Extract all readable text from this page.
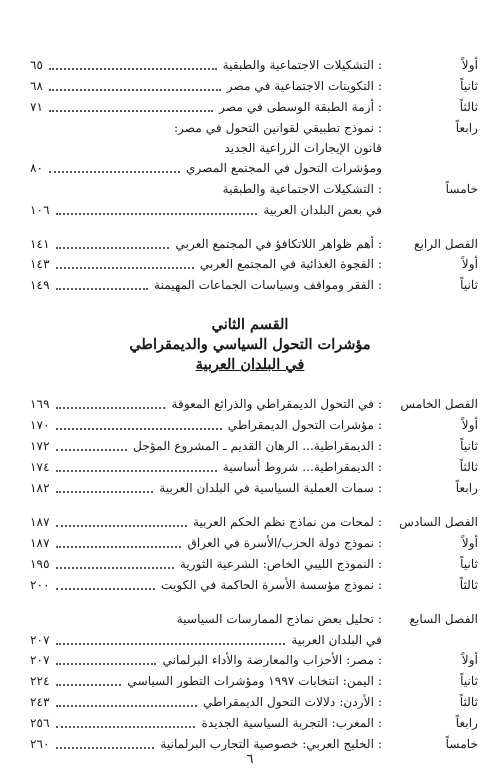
أولاً
: التشكيلات الاجتماعية والطبقية
٦٥
ثانياً
: التكوينات الاجتماعية في مصر
٦٨
ثالثاً
: أزمة الطبقة الوسطى في مصر
٧١
رابعاً
: نموذج تطبيقي لقوانين التحول في مصر:
قانون الإيجارات الزراعية الجديد
ومؤشرات التحول في المجتمع المصري
٨٠
خامساً
: التشكيلات الاجتماعية والطبقية
في بعض البلدان العربية
١٠٦
الفصل الرابع
: أهم ظواهر اللاتكافؤ في المجتمع العربي
١٤١
أولاً
: الفجوة الغذائية في المجتمع العربي
١٤٣
ثانياً
: الفقر ومواقف وسياسات الجماعات المهيمنة
١٤٩
القسم الثاني
مؤشرات التحول السياسي والديمقراطي
في البلدان العربية
الفصل الخامس
: في التحول الديمقراطي والذرائع المعوقة
١٦٩
أولاً
: مؤشرات التحول الديمقراطي
١٧٠
ثانياً
: الديمقراطية... الرهان القديم ـ المشروع المؤجل
١٧٢
ثالثاً
: الديمقراطية... شروط أساسية
١٧٤
رابعاً
: سمات العملية السياسية في البلدان العربية
١٨٢
الفصل السادس
: لمحات من نماذج نظم الحكم العربية
١٨٧
أولاً
: نموذج دولة الحزب/الأسرة في العراق
١٨٧
ثانياً
: النموذج الليبي الخاص: الشرعية الثورية
١٩٥
ثالثاً
: نموذج مؤسسة الأسرة الحاكمة في الكويت
٢٠٠
الفصل السابع
: تحليل بعض نماذج الممارسات السياسية
في البلدان العربية
٢٠٧
أولاً
: مصر: الأحزاب والمعارضة والأداء البرلماني
٢٠٧
ثانياً
: اليمن: انتخابات ١٩٩٧ ومؤشرات التطور السياسي
٢٢٤
ثالثاً
: الأردن: دلالات التحول الديمقراطي
٢٤٣
رابعاً
: المغرب: التجربة السياسية الجديدة
٢٥٦
خامساً
: الخليج العربي: خصوصية التجارب البرلمانية
٢٦٠
٦
